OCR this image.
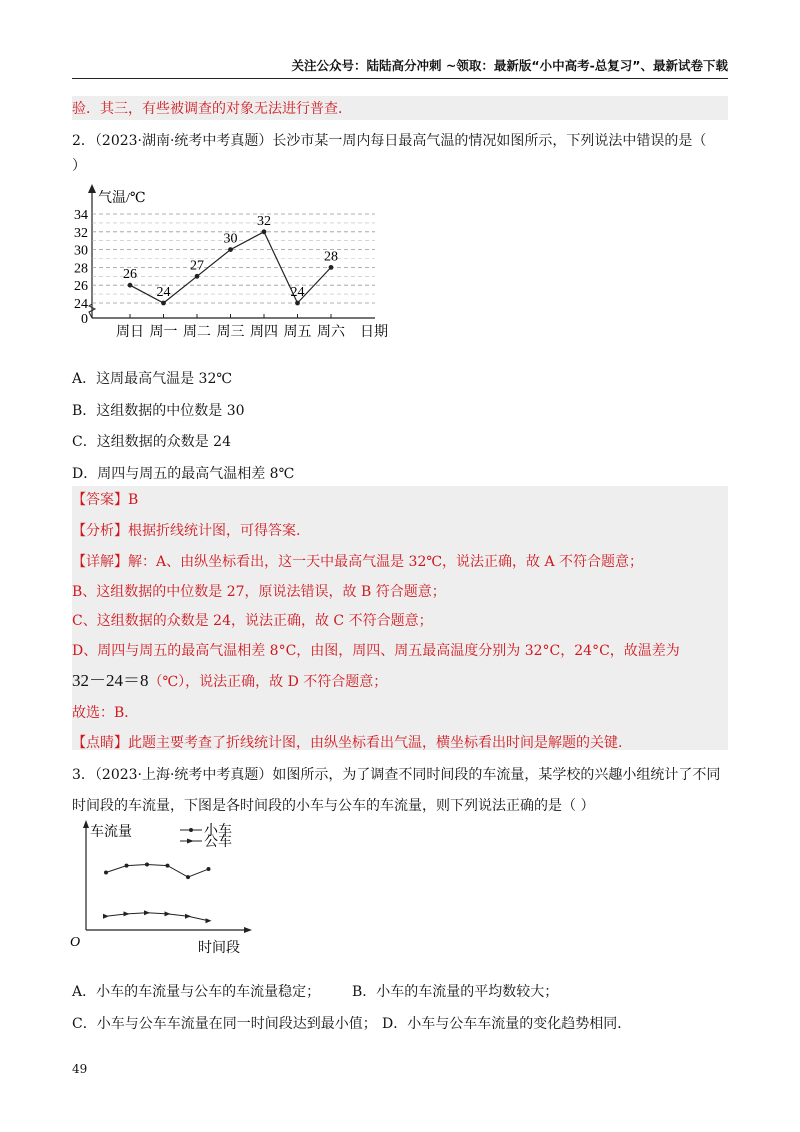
关注公众号：陆陆高分冲刺 ~领取：最新版“小中高考-总复习”、最新试卷下载
验．其三，有些被调查的对象无法进行普查．
2．（2023·湖南·统考中考真题）长沙市某一周内每日最高气温的情况如图所示，下列说法中错误的是（
）
气温/℃
日期
0
24
26
28
30
32
34
周日 周一 周二 周三 周四 周五 周六
26
24
27
30
32
24
28
A．这周最高气温是 32℃
B．这组数据的中位数是 30
C．这组数据的众数是 24
D．周四与周五的最高气温相差 8℃
【答案】B
【分析】根据折线统计图，可得答案.
【详解】解：A、由纵坐标看出，这一天中最高气温是 32℃，说法正确，故 A 不符合题意；
B、这组数据的中位数是 27，原说法错误，故 B 符合题意；
C、这组数据的众数是 24，说法正确，故 C 不符合题意；
D、周四与周五的最高气温相差 8°C，由图，周四、周五最高温度分别为 32°C，24°C，故温差为
32－24＝8（℃），说法正确，故 D 不符合题意；
故选：B．
【点睛】此题主要考查了折线统计图，由纵坐标看出气温，横坐标看出时间是解题的关键.
3．（2023·上海·统考中考真题）如图所示，为了调查不同时间段的车流量，某学校的兴趣小组统计了不同
时间段的车流量，下图是各时间段的小车与公车的车流量，则下列说法正确的是（ ）
车流量
时间段
O
小车
公车
A．小车的车流量与公车的车流量稳定；	B．小车的车流量的平均数较大；
C．小车与公车车流量在同一时间段达到最小值； D．小车与公车车流量的变化趋势相同．
49
